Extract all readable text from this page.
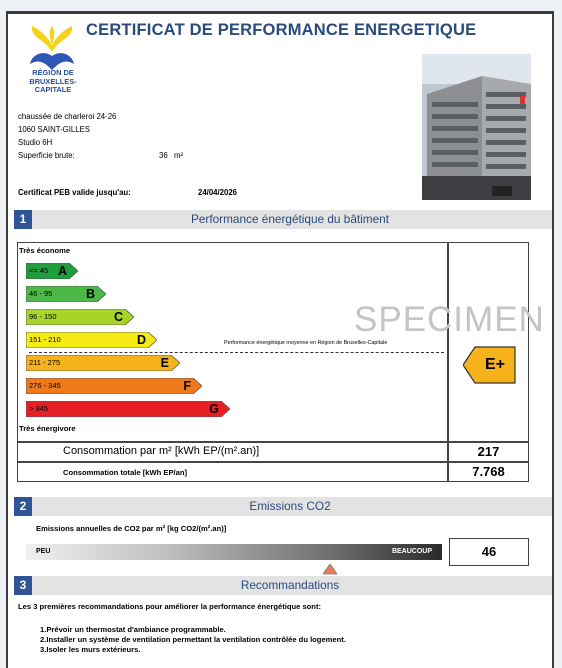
RÉGION DE
BRUXELLES-
CAPITALE
CERTIFICAT DE PERFORMANCE ENERGETIQUE
chaussée de charleroi 24-26
1060 SAINT-GILLES
Studio 6H
Superficie brute:	36 m²
Certificat PEB valide jusqu'au:	24/04/2026
1	Performance énergétique du bâtiment
Très économe
Très énergivore
<= 45 A
46 - 95	B
96 - 150	C
151 - 210	D
211 - 275	E
276 - 345	F
> 345	G
SPECIMEN
Performance énergétique moyenne en Région de Bruxelles-Capitale
E+
Consommation par m² [kWh EP/(m².an)]	217
Consommation totale [kWh EP/an]	7.768
2	Emissions CO2
Emissions annuelles de CO2 par m² [kg CO2/(m².an)]
PEU	BEAUCOUP	46
3	Recommandations
Les 3 premières recommandations pour améliorer la performance énergétique sont:
1.Prévoir un thermostat d'ambiance programmable.
2.Installer un système de ventilation permettant la ventilation contrôlée du logement.
3.Isoler les murs extérieurs.
